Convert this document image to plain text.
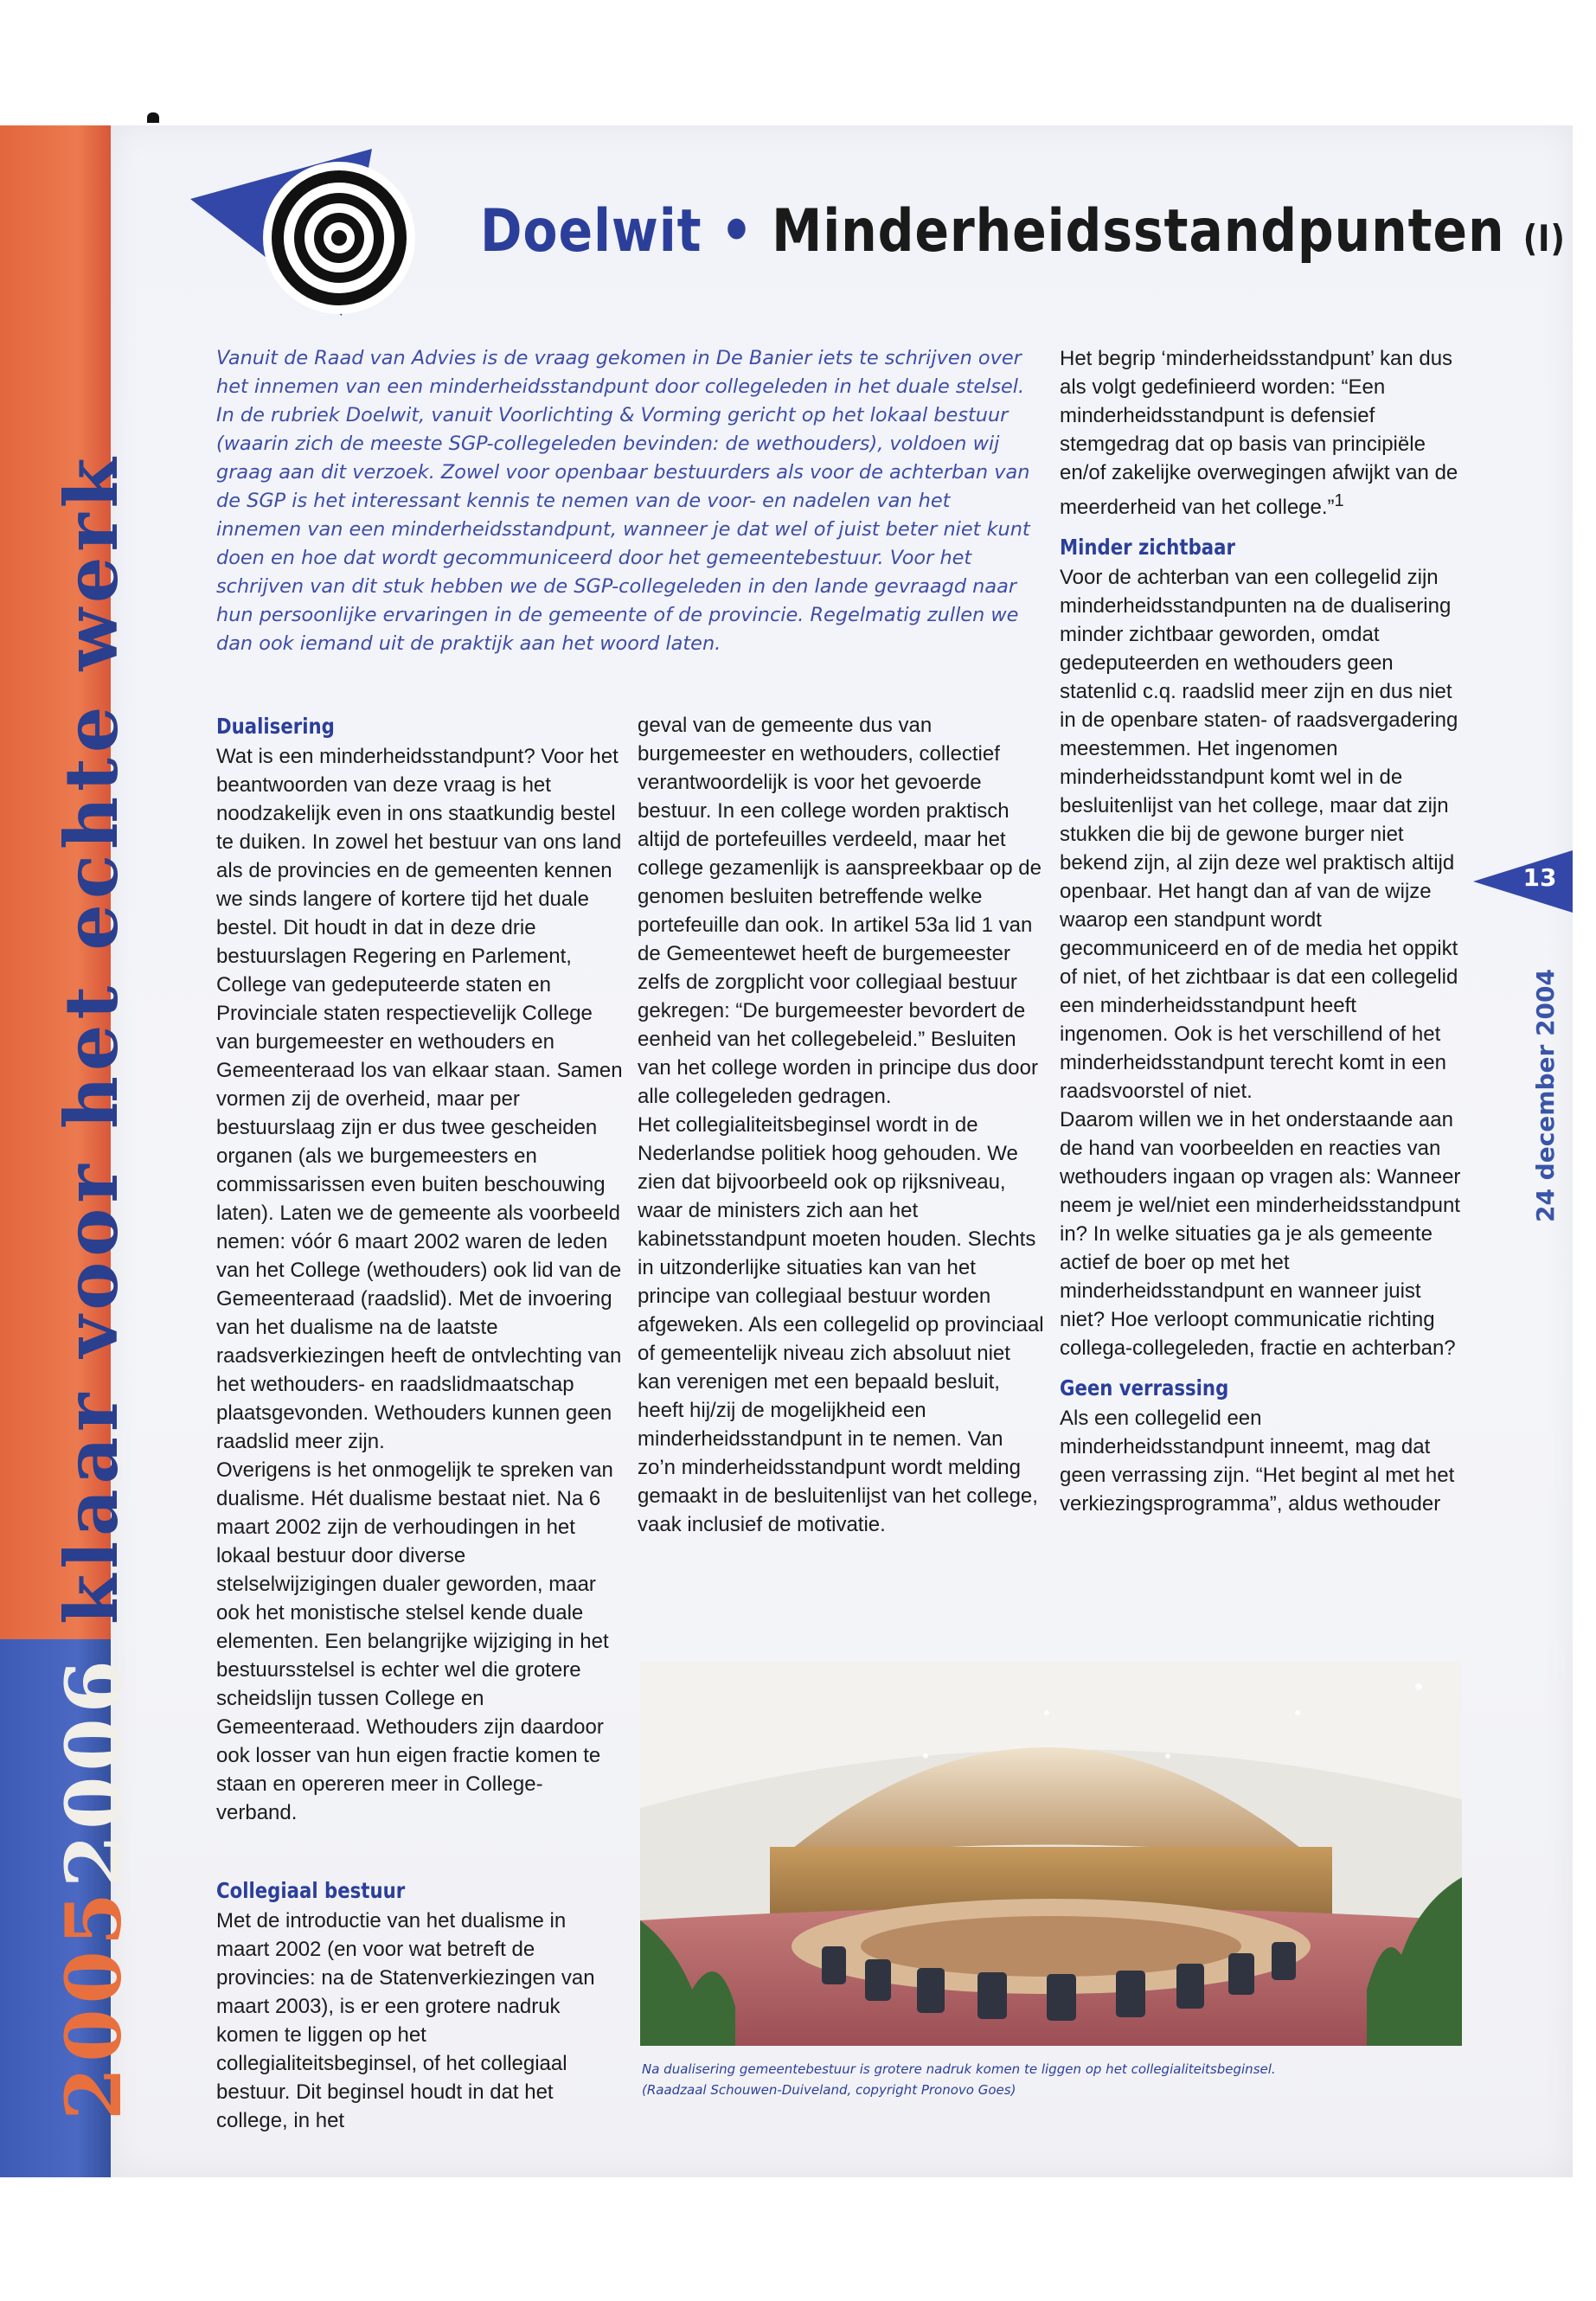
klaar voor het echte werk
20052006
Doelwit • Minderheidsstandpunten (I)

Vanuit de Raad van Advies is de vraag gekomen in De Banier iets te schrijven over het innemen van een minderheidsstandpunt door collegeleden in het duale stelsel. In de rubriek Doelwit, vanuit Voorlichting & Vorming gericht op het lokaal bestuur (waarin zich de meeste SGP-collegeleden bevinden: de wethouders), voldoen wij graag aan dit verzoek. Zowel voor openbaar bestuurders als voor de achterban van de SGP is het interessant kennis te nemen van de voor- en nadelen van het innemen van een minderheidsstandpunt, wanneer je dat wel of juist beter niet kunt doen en hoe dat wordt gecommuniceerd door het gemeentebestuur. Voor het schrijven van dit stuk hebben we de SGP-collegeleden in den lande gevraagd naar hun persoonlijke ervaringen in de gemeente of de provincie. Regelmatig zullen we dan ook iemand uit de praktijk aan het woord laten.

Dualisering

Wat is een minderheidsstandpunt? Voor het beantwoorden van deze vraag is het noodzakelijk even in ons staatkundig bestel te duiken. In zowel het bestuur van ons land als de provincies en de gemeenten kennen we sinds langere of kortere tijd het duale bestel. Dit houdt in dat in deze drie bestuurslagen Regering en Parlement, College van gedeputeerde staten en Provinciale staten respectievelijk College van burgemeester en wethouders en Gemeenteraad los van elkaar staan. Samen vormen zij de overheid, maar per bestuurslaag zijn er dus twee gescheiden organen (als we burgemeesters en commissarissen even buiten beschouwing laten). Laten we de gemeente als voorbeeld nemen: vóór 6 maart 2002 waren de leden van het College (wethouders) ook lid van de Gemeenteraad (raadslid). Met de invoering van het dualisme na de laatste raadsverkiezingen heeft de ontvlechting van het wethouders- en raadslidmaatschap plaatsgevonden. Wethouders kunnen geen raadslid meer zijn.

Overigens is het onmogelijk te spreken van dualisme. Hét dualisme bestaat niet. Na 6 maart 2002 zijn de verhoudingen in het lokaal bestuur door diverse stelselwijzigingen dualer geworden, maar ook het monistische stelsel kende duale elementen. Een belangrijke wijziging in het bestuursstelsel is echter wel die grotere scheidslijn tussen College en Gemeenteraad. Wethouders zijn daardoor ook losser van hun eigen fractie komen te staan en opereren meer in College-verband.

Collegiaal bestuur

Met de introductie van het dualisme in maart 2002 (en voor wat betreft de provincies: na de Statenverkiezingen van maart 2003), is er een grotere nadruk komen te liggen op het collegialiteitsbeginsel, of het collegiaal bestuur. Dit beginsel houdt in dat het college, in het

geval van de gemeente dus van burgemeester en wethouders, collectief verantwoordelijk is voor het gevoerde bestuur. In een college worden praktisch altijd de portefeuilles verdeeld, maar het college gezamenlijk is aanspreekbaar op de genomen besluiten betreffende welke portefeuille dan ook. In artikel 53a lid 1 van de Gemeentewet heeft de burgemeester zelfs de zorgplicht voor collegiaal bestuur gekregen: “De burgemeester bevordert de eenheid van het collegebeleid.” Besluiten van het college worden in principe dus door alle collegeleden gedragen.

Het collegialiteitsbeginsel wordt in de Nederlandse politiek hoog gehouden. We zien dat bijvoorbeeld ook op rijksniveau, waar de ministers zich aan het kabinetsstandpunt moeten houden. Slechts in uitzonderlijke situaties kan van het principe van collegiaal bestuur worden afgeweken. Als een collegelid op provinciaal of gemeentelijk niveau zich absoluut niet kan verenigen met een bepaald besluit, heeft hij/zij de mogelijkheid een minderheidsstandpunt in te nemen. Van zo’n minderheidsstandpunt wordt melding gemaakt in de besluitenlijst van het college, vaak inclusief de motivatie.

Het begrip ‘minderheidsstandpunt’ kan dus als volgt gedefinieerd worden: “Een minderheidsstandpunt is defensief stemgedrag dat op basis van principiële en/of zakelijke overwegingen afwijkt van de meerderheid van het college.”$^1$

Minder zichtbaar

Voor de achterban van een collegelid zijn minderheidsstandpunten na de dualisering minder zichtbaar geworden, omdat gedeputeerden en wethouders geen statenlid c.q. raadslid meer zijn en dus niet in de openbare staten- of raadsvergadering meestemmen. Het ingenomen minderheidsstandpunt komt wel in de besluitenlijst van het college, maar dat zijn stukken die bij de gewone burger niet bekend zijn, al zijn deze wel praktisch altijd openbaar. Het hangt dan af van de wijze waarop een standpunt wordt gecommuniceerd en of de media het oppikt of niet, of het zichtbaar is dat een collegelid een minderheidsstandpunt heeft ingenomen. Ook is het verschillend of het minderheidsstandpunt terecht komt in een raadsvoorstel of niet.

Daarom willen we in het onderstaande aan de hand van voorbeelden en reacties van wethouders ingaan op vragen als: Wanneer neem je wel/niet een minderheidsstandpunt in? In welke situaties ga je als gemeente actief de boer op met het minderheidsstandpunt en wanneer juist niet? Hoe verloopt communicatie richting collega-collegeleden, fractie en achterban?

Geen verrassing

Als een collegelid een minderheidsstandpunt inneemt, mag dat geen verrassing zijn. “Het begint al met het verkiezingsprogramma”, aldus wethouder

Na dualisering gemeentebestuur is grotere nadruk komen te liggen op het collegialiteitsbeginsel.
(Raadzaal Schouwen-Duiveland, copyright Pronovo Goes)

13
24 december 2004
